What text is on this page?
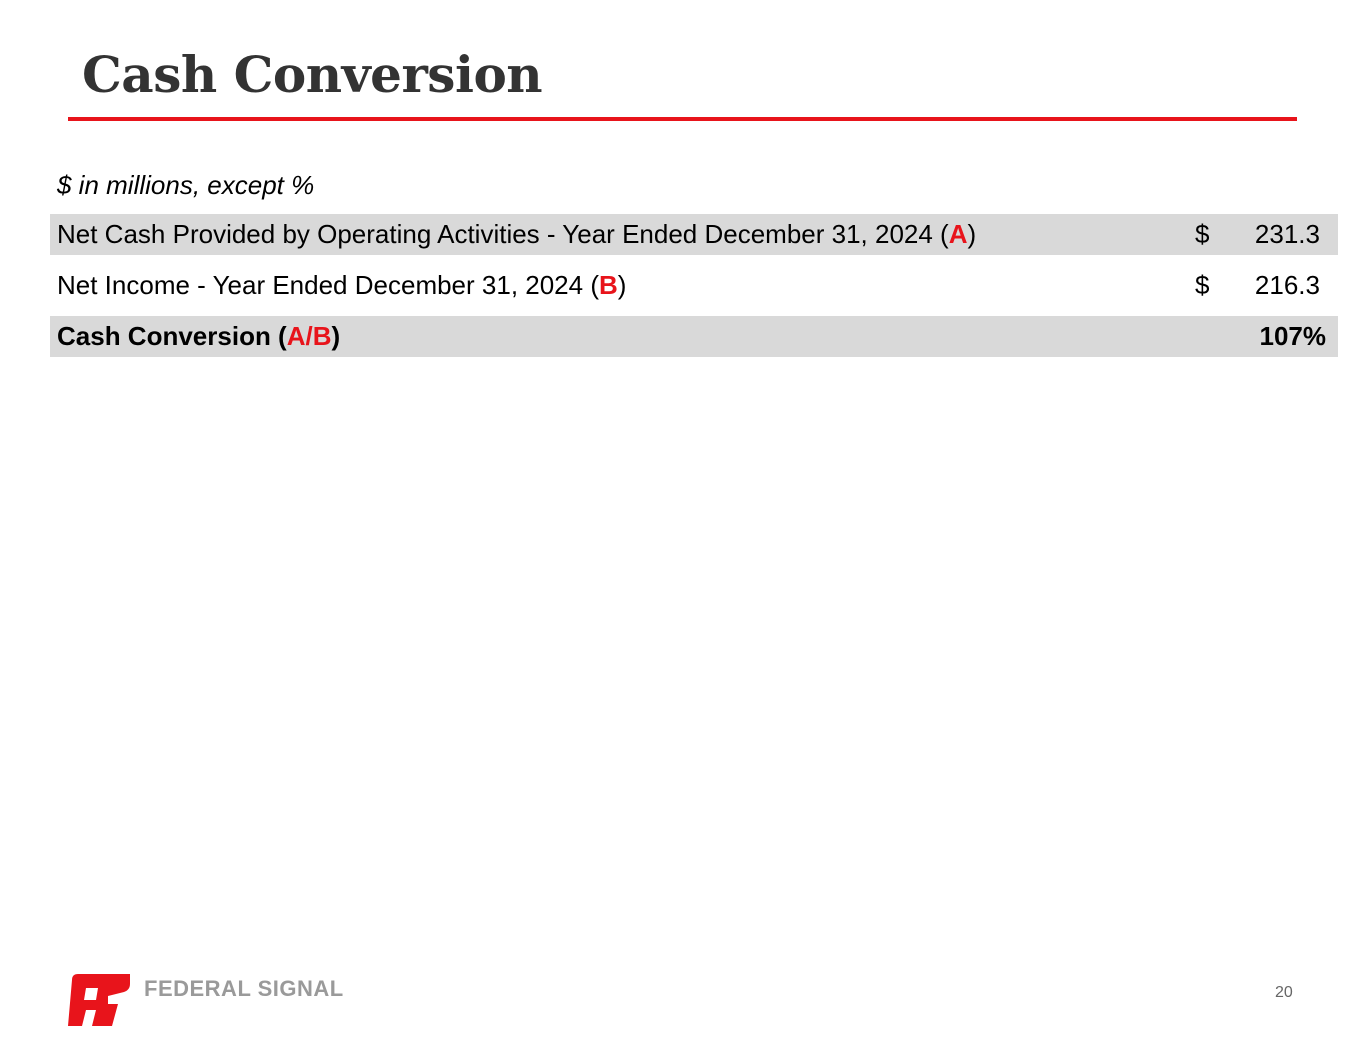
Cash Conversion
$ in millions, except %
Net Cash Provided by Operating Activities - Year Ended December 31, 2024 (A)	$ 231.3
Net Income - Year Ended December 31, 2024 (B)	$ 216.3
Cash Conversion (A/B)	107%
FEDERAL SIGNAL	20
